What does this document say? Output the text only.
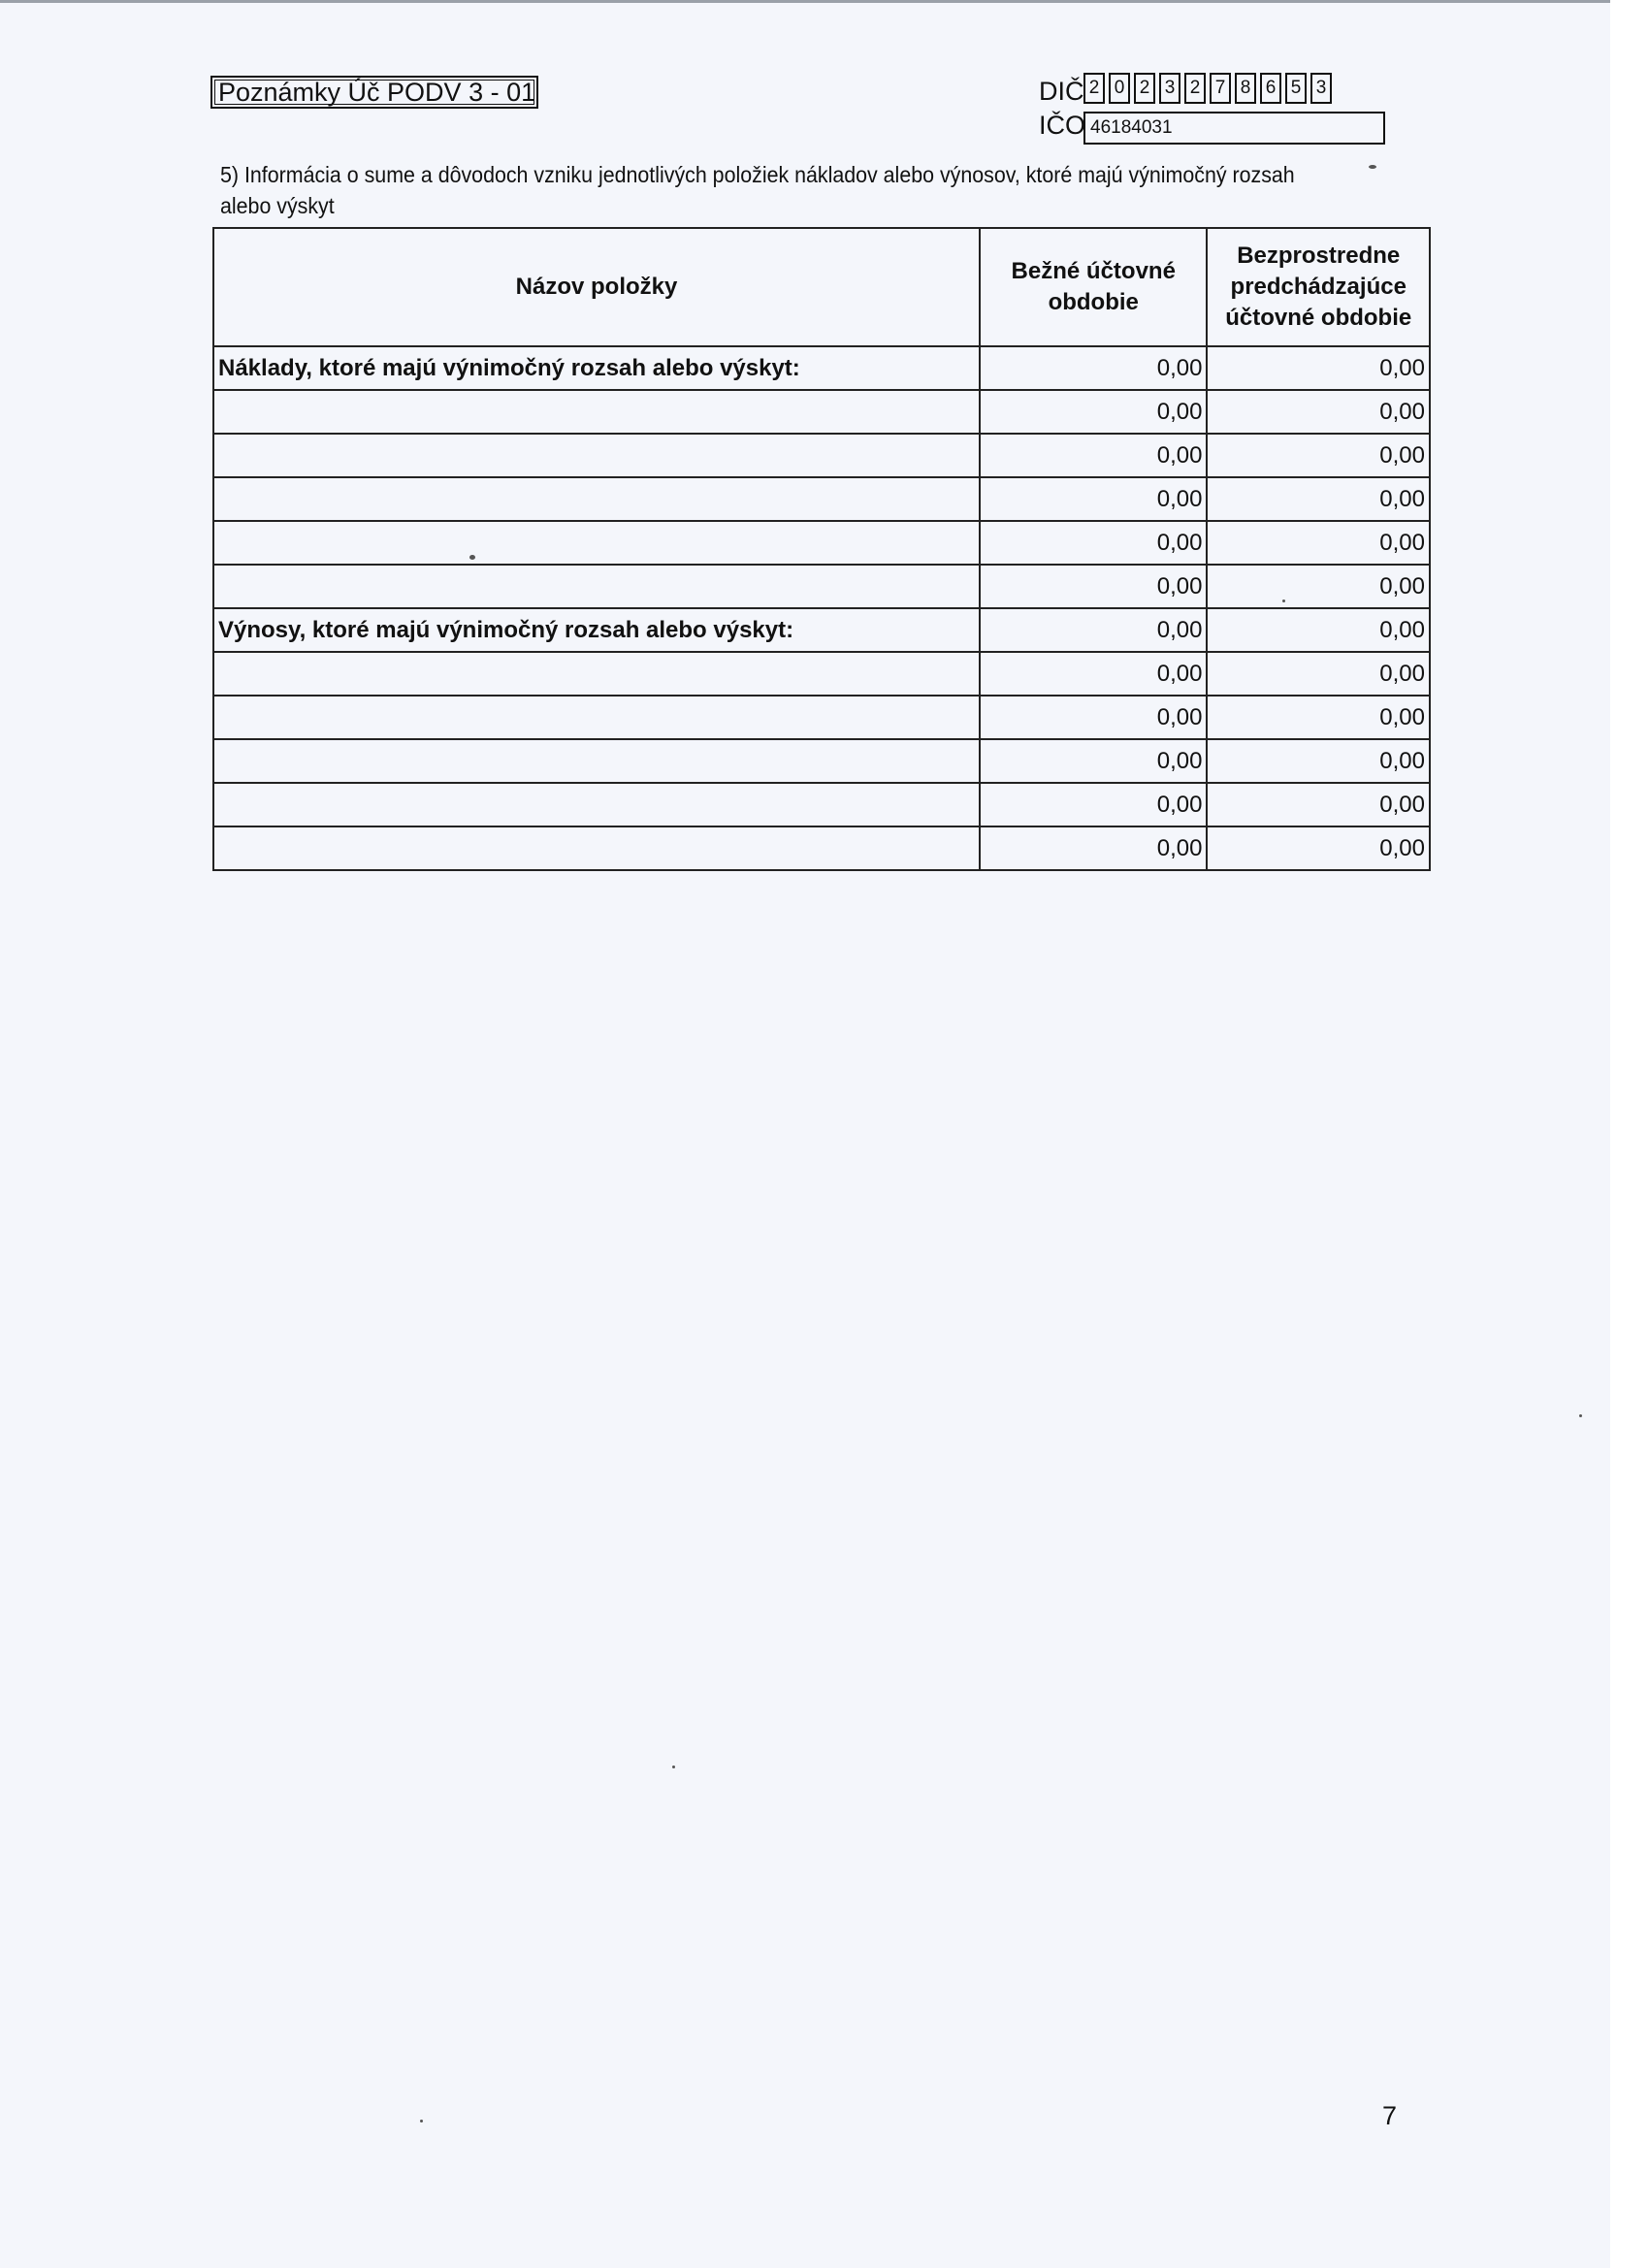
Poznámky Úč PODV 3 - 01	DIČ 2 0 2 3 2 7 8 6 5 3
IČO 46184031
5) Informácia o sume a dôvodoch vzniku jednotlivých položiek nákladov alebo výnosov, ktoré majú výnimočný rozsah alebo výskyt
Názov položky	Bežné účtovné obdobie	Bezprostredne predchádzajúce účtovné obdobie
Náklady, ktoré majú výnimočný rozsah alebo výskyt:	0,00	0,00
	0,00	0,00
	0,00	0,00
	0,00	0,00
	0,00	0,00
	0,00	0,00
Výnosy, ktoré majú výnimočný rozsah alebo výskyt:	0,00	0,00
	0,00	0,00
	0,00	0,00
	0,00	0,00
	0,00	0,00
	0,00	0,00
7
